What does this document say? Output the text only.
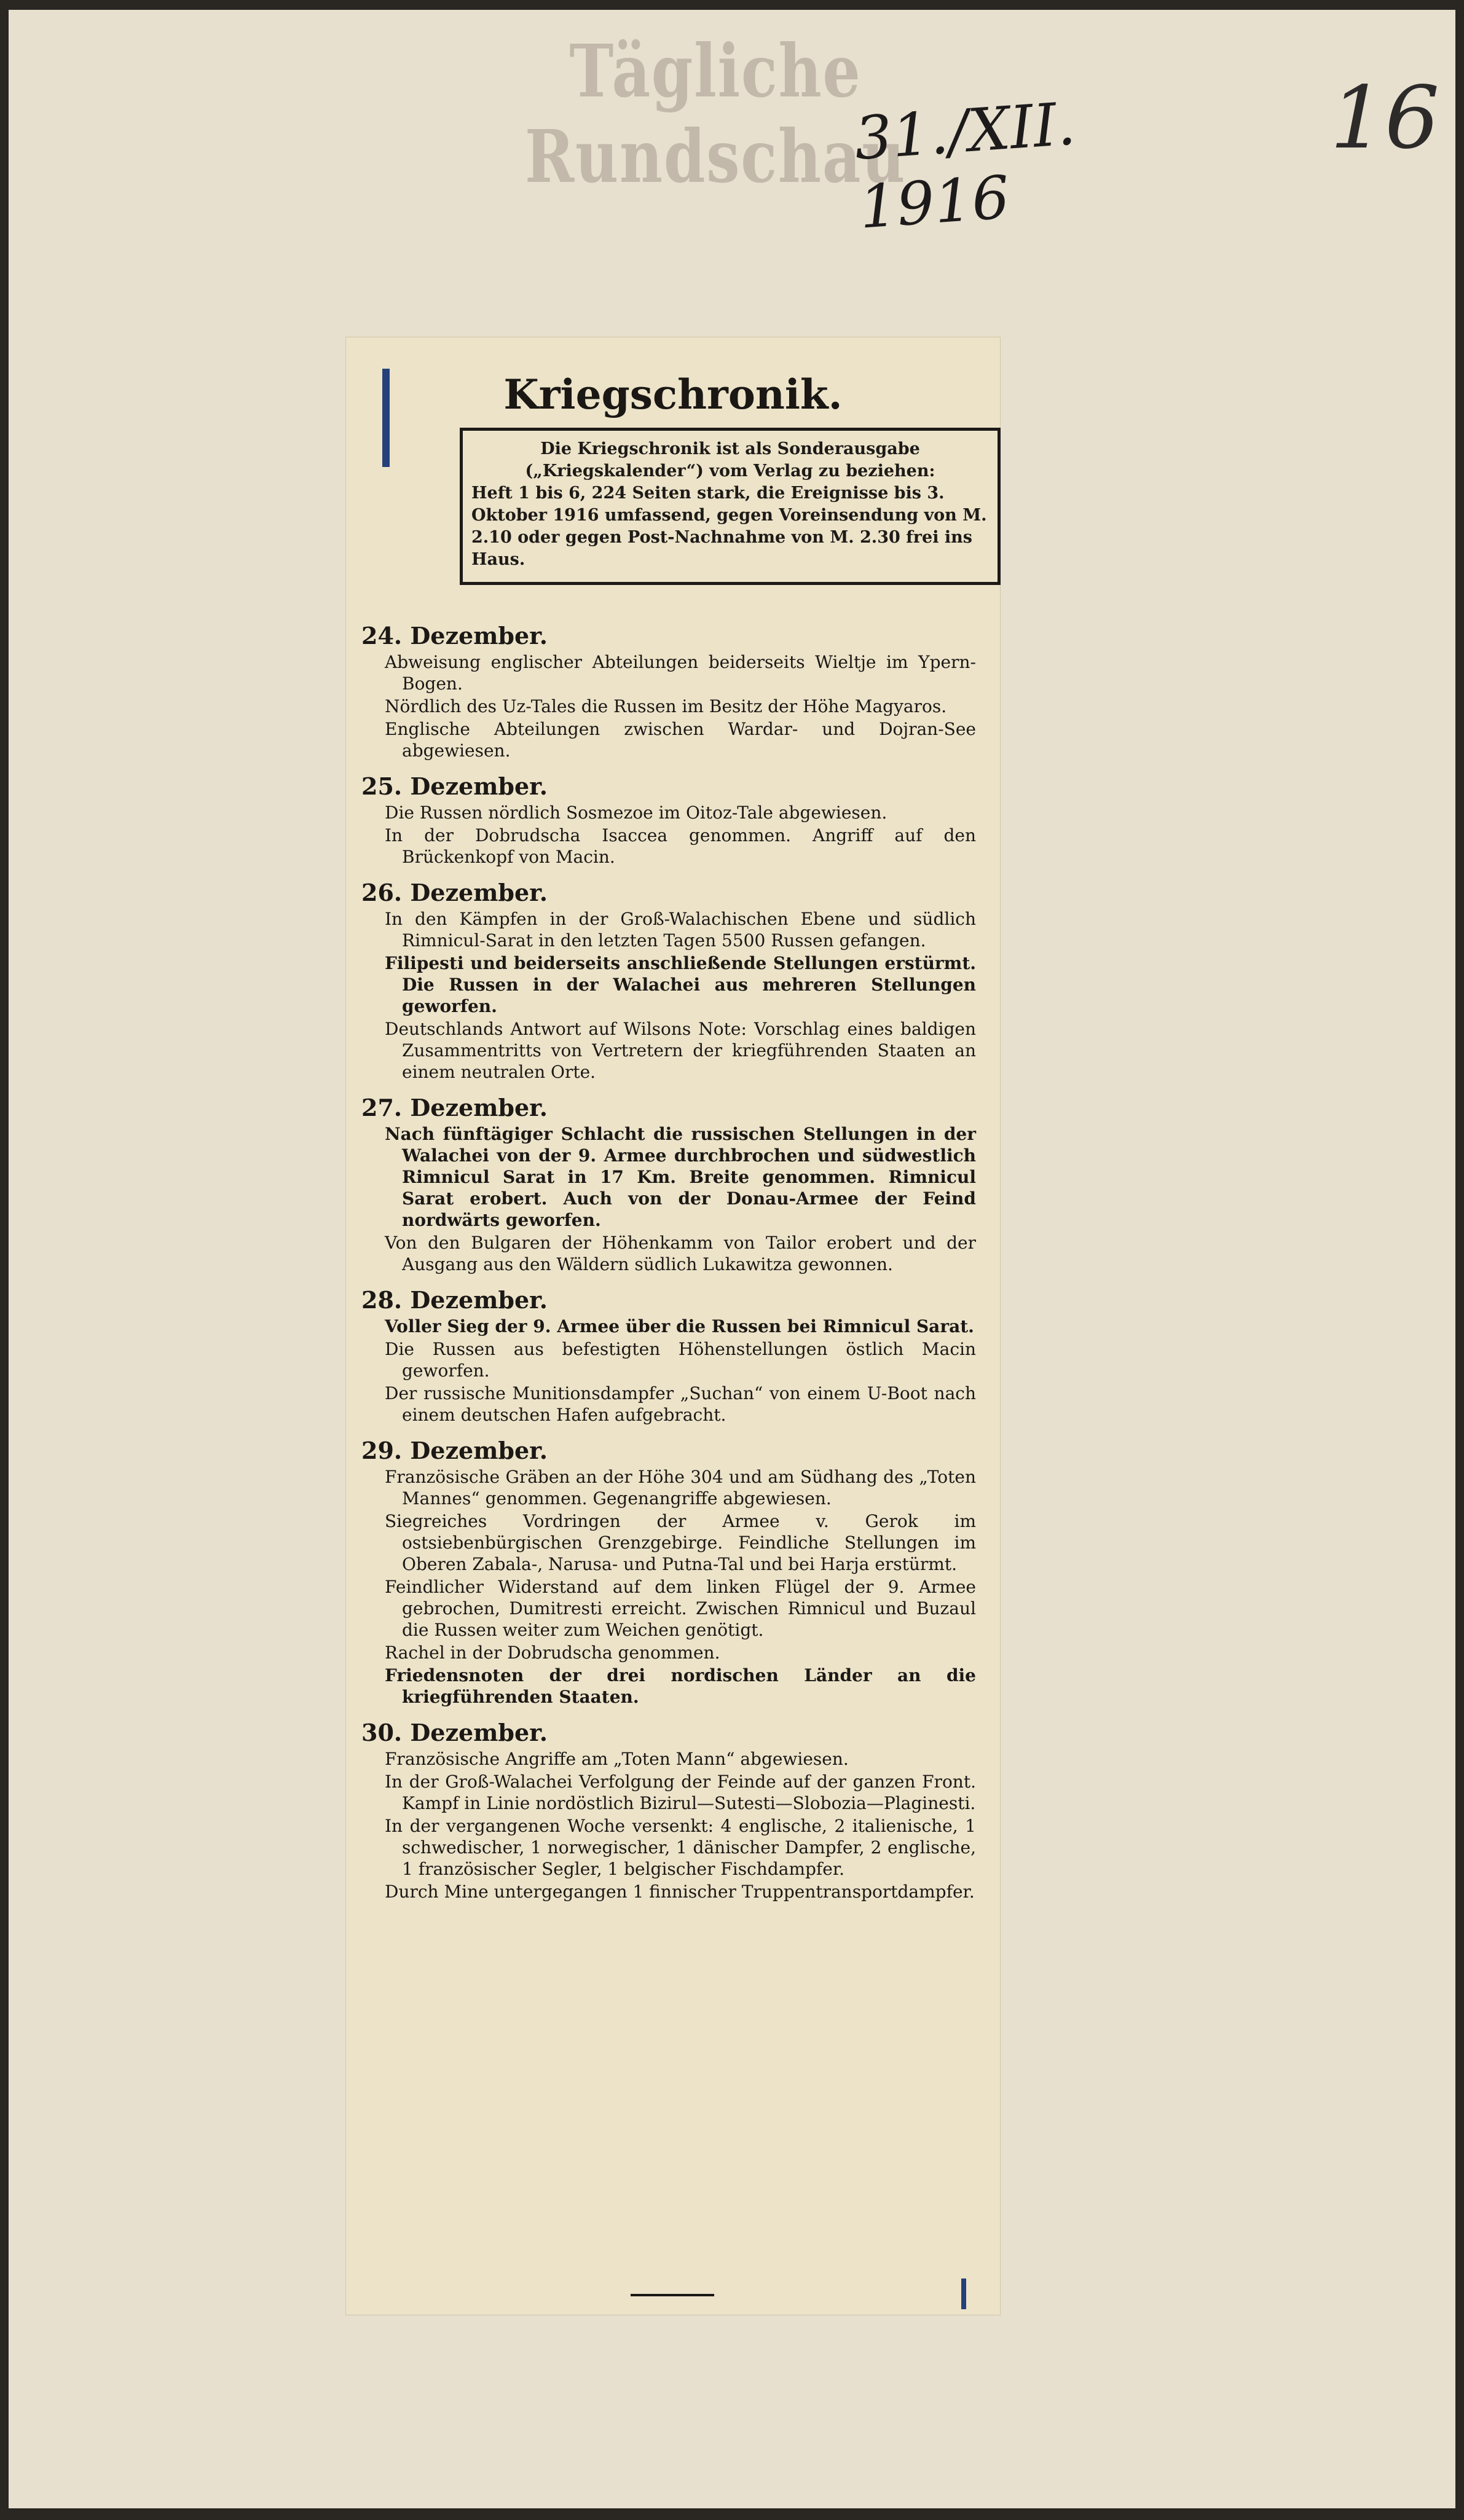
Tägliche Rundschau
31./XII. 1916
16
Kriegschronik.

Die Kriegschronik ist als Sonderausgabe („Kriegskalender“) vom Verlag zu beziehen:

Heft 1 bis 6, 224 Seiten stark, die Ereignisse bis 3. Oktober 1916 umfassend, gegen Voreinsendung von M. 2.10 oder gegen Post-Nachnahme von M. 2.30 frei ins Haus.

24. Dezember.

Abweisung englischer Abteilungen beiderseits Wieltje im Ypern-Bogen.

Nördlich des Uz-Tales die Russen im Besitz der Höhe Magyaros.

Englische Abteilungen zwischen Wardar- und Dojran-See abgewiesen.

25. Dezember.

Die Russen nördlich Sosmezoe im Oitoz-Tale abgewiesen.

In der Dobrudscha Isaccea genommen. Angriff auf den Brückenkopf von Macin.

26. Dezember.

In den Kämpfen in der Groß-Walachischen Ebene und südlich Rimnicul-Sarat in den letzten Tagen 5500 Russen gefangen.

Filipesti und beiderseits anschließende Stellungen erstürmt. Die Russen in der Walachei aus mehreren Stellungen geworfen.

Deutschlands Antwort auf Wilsons Note: Vorschlag eines baldigen Zusammentritts von Vertretern der kriegführenden Staaten an einem neutralen Orte.

27. Dezember.

Nach fünftägiger Schlacht die russischen Stellungen in der Walachei von der 9. Armee durchbrochen und südwestlich Rimnicul Sarat in 17 Km. Breite genommen. Rimnicul Sarat erobert. Auch von der Donau-Armee der Feind nordwärts geworfen.

Von den Bulgaren der Höhenkamm von Tailor erobert und der Ausgang aus den Wäldern südlich Lukawitza gewonnen.

28. Dezember.

Voller Sieg der 9. Armee über die Russen bei Rimnicul Sarat.

Die Russen aus befestigten Höhenstellungen östlich Macin geworfen.

Der russische Munitionsdampfer „Suchan“ von einem U-Boot nach einem deutschen Hafen aufgebracht.

29. Dezember.

Französische Gräben an der Höhe 304 und am Südhang des „Toten Mannes“ genommen. Gegenangriffe abgewiesen.

Siegreiches Vordringen der Armee v. Gerok im ostsiebenbürgischen Grenzgebirge. Feindliche Stellungen im Oberen Zabala-, Narusa- und Putna-Tal und bei Harja erstürmt.

Feindlicher Widerstand auf dem linken Flügel der 9. Armee gebrochen, Dumitresti erreicht. Zwischen Rimnicul und Buzaul die Russen weiter zum Weichen genötigt.

Rachel in der Dobrudscha genommen.

Friedensnoten der drei nordischen Länder an die kriegführenden Staaten.

30. Dezember.

Französische Angriffe am „Toten Mann“ abgewiesen.

In der Groß-Walachei Verfolgung der Feinde auf der ganzen Front. Kampf in Linie nordöstlich Bizirul—Sutesti—Slobozia—Plaginesti.

In der vergangenen Woche versenkt: 4 englische, 2 italienische, 1 schwedischer, 1 norwegischer, 1 dänischer Dampfer, 2 englische, 1 französischer Segler, 1 belgischer Fischdampfer.

Durch Mine untergegangen 1 finnischer Truppentransportdampfer.
